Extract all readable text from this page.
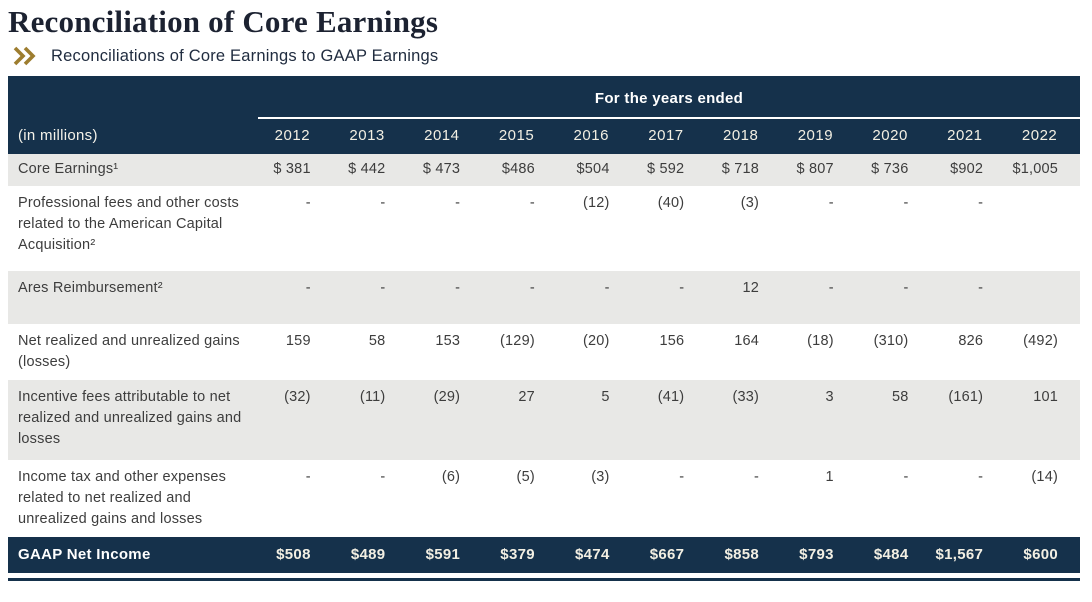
Reconciliation of Core Earnings
Reconciliations of Core Earnings to GAAP Earnings
	For the years ended										
(in millions)	2012	2013	2014	2015	2016	2017	2018	2019	2020	2021	2022
Core Earnings¹	$ 381	$ 442	$ 473	$486	$504	$ 592	$ 718	$ 807	$ 736	$902	$1,005
Professional fees and other costs related to the American Capital Acquisition²	-	-	-	-	(12)	(40)	(3)	-	-	-	
Ares Reimbursement²	-	-	-	-	-	-	12	-	-	-	
Net realized and unrealized gains (losses)	159	58	153	(129)	(20)	156	164	(18)	(310)	826	(492)
Incentive fees attributable to net realized and unrealized gains and losses	(32)	(11)	(29)	27	5	(41)	(33)	3	58	(161)	101
Income tax and other expenses related to net realized and unrealized gains and losses	-	-	(6)	(5)	(3)	-	-	1	-	-	(14)
GAAP Net Income	$508	$489	$591	$379	$474	$667	$858	$793	$484	$1,567	$600
